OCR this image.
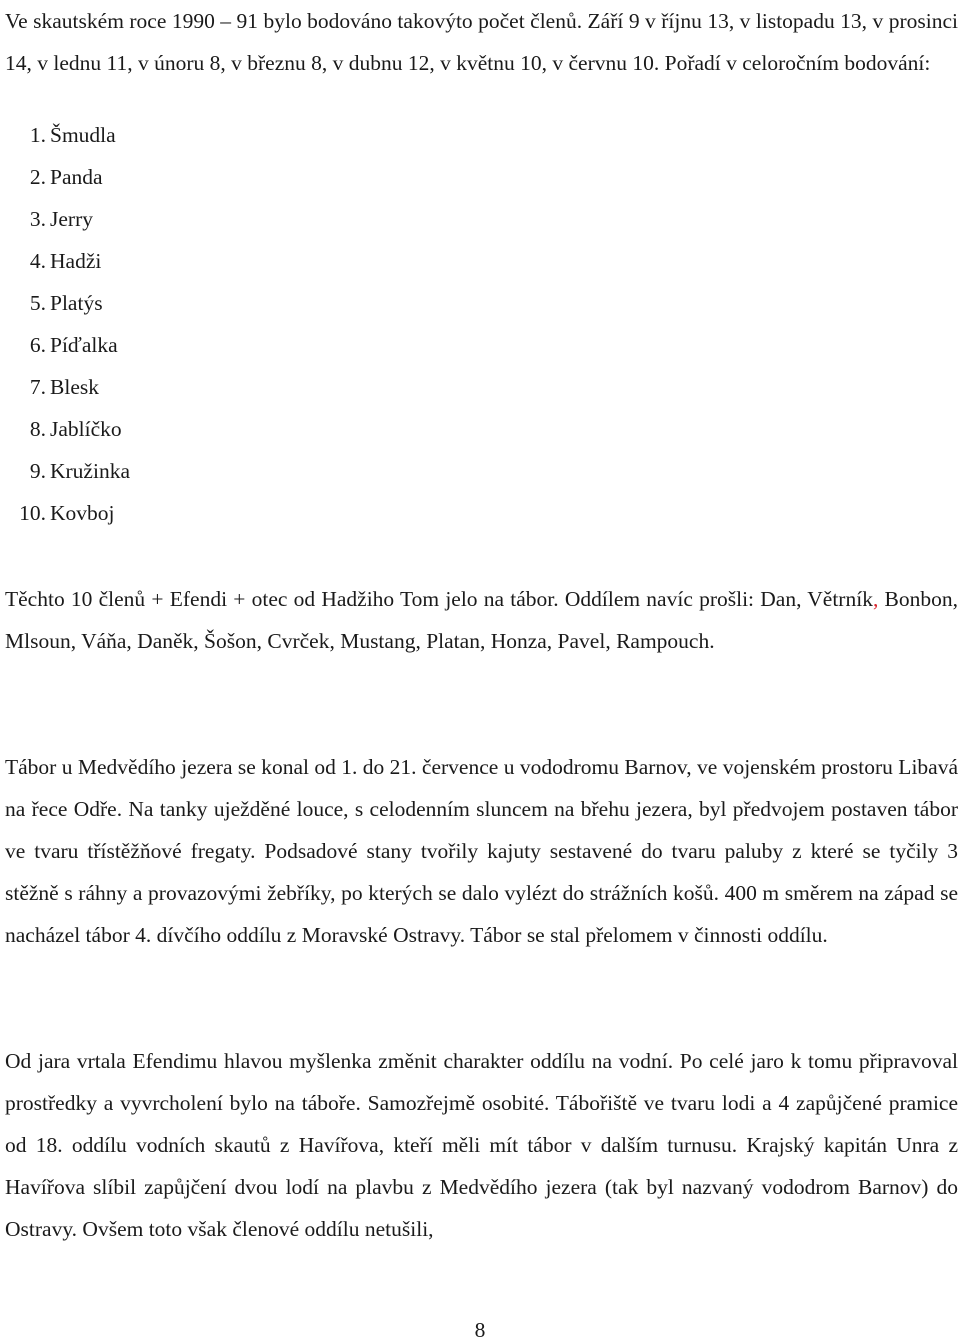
Ve skautském roce 1990 – 91 bylo bodováno takovýto počet členů. Září 9 v říjnu 13, v listopadu 13, v prosinci 14, v lednu 11, v únoru 8, v březnu 8, v dubnu 12, v květnu 10, v červnu 10. Pořadí v celoročním bodování:

1. Šmudla
2. Panda
3. Jerry
4. Hadži
5. Platýs
6. Píďalka
7. Blesk
8. Jablíčko
9. Kružinka
10. Kovboj

Těchto 10 členů + Efendi + otec od Hadžiho Tom jelo na tábor. Oddílem navíc prošli: Dan, Větrník, Bonbon, Mlsoun, Váňa, Daněk, Šošon, Cvrček, Mustang, Platan, Honza, Pavel, Rampouch.

Tábor u Medvědího jezera se konal od 1. do 21. července u vododromu Barnov, ve vojenském prostoru Libavá na řece Odře. Na tanky uježděné louce, s celodenním sluncem na břehu jezera, byl předvojem postaven tábor ve tvaru třístěžňové fregaty. Podsadové stany tvořily kajuty sestavené do tvaru paluby z které se tyčily 3 stěžně s ráhny a provazovými žebříky, po kterých se dalo vylézt do strážních košů. 400 m směrem na západ se nacházel tábor 4. dívčího oddílu z Moravské Ostravy. Tábor se stal přelomem v činnosti oddílu.

Od jara vrtala Efendimu hlavou myšlenka změnit charakter oddílu na vodní. Po celé jaro k tomu připravoval prostředky a vyvrcholení bylo na táboře. Samozřejmě osobité. Tábořiště ve tvaru lodi a 4 zapůjčené pramice od 18. oddílu vodních skautů z Havířova, kteří měli mít tábor v dalším turnusu. Krajský kapitán Unra z Havířova slíbil zapůjčení dvou lodí na plavbu z Medvědího jezera (tak byl nazvaný vododrom Barnov) do Ostravy. Ovšem toto však členové oddílu netušili,

8
